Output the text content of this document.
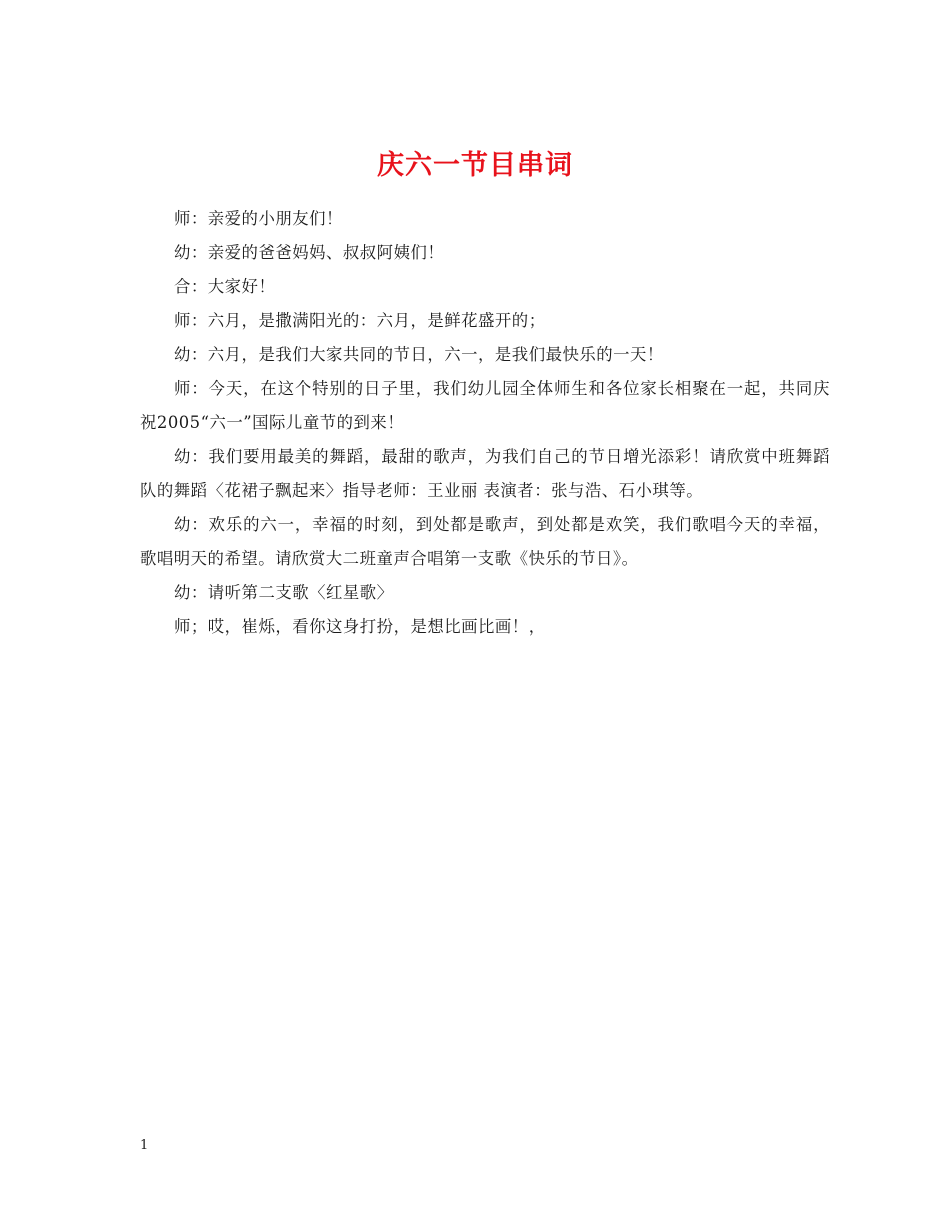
庆六一节目串词

师：亲爱的小朋友们！

幼：亲爱的爸爸妈妈、叔叔阿姨们！

合：大家好！

师：六月，是撒满阳光的：六月，是鲜花盛开的；

幼：六月，是我们大家共同的节日，六一，是我们最快乐的一天！

师：今天，在这个特别的日子里，我们幼儿园全体师生和各位家长相聚在一起，共同庆祝2005“六一”国际儿童节的到来！

幼：我们要用最美的舞蹈，最甜的歌声，为我们自己的节日增光添彩！请欣赏中班舞蹈队的舞蹈〈花裙子飘起来〉指导老师：王业丽 表演者：张与浩、石小琪等。

幼：欢乐的六一，幸福的时刻，到处都是歌声，到处都是欢笑，我们歌唱今天的幸福，歌唱明天的希望。请欣赏大二班童声合唱第一支歌《快乐的节日》。

幼：请听第二支歌〈红星歌〉

师；哎，崔烁，看你这身打扮，是想比画比画！，

1
